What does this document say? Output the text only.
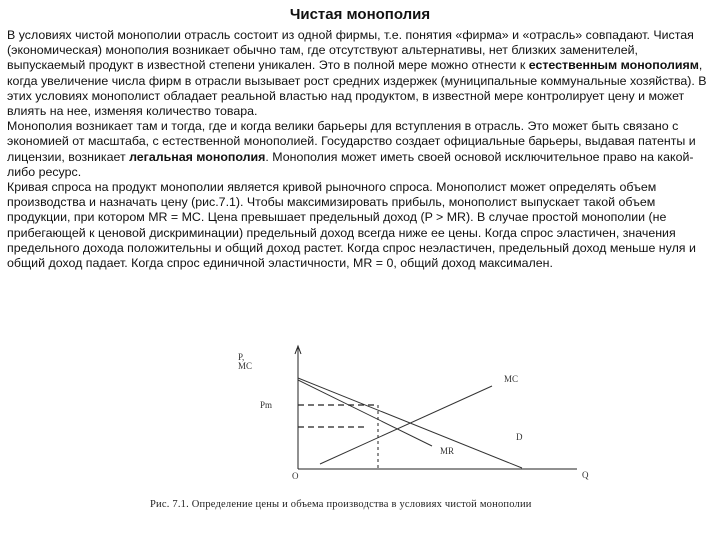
Чистая монополия

В условиях чистой монополии отрасль состоит из одной фирмы, т.е. понятия «фирма» и «отрасль» совпадают. Чистая (экономическая) монополия возникает обычно там, где отсутствуют альтернативы, нет близких заменителей, выпускаемый продукт в известной степени уникален. Это в полной мере можно отнести к естественным монополиям, когда увеличение числа фирм в отрасли вызывает рост средних издержек (муниципальные коммунальные хозяйства). В этих условиях монополист обладает реальной властью над продуктом, в известной мере контролирует цену и может влиять на нее, изменяя количество товара.

Монополия возникает там и тогда, где и когда велики барьеры для вступления в отрасль. Это может быть связано с экономией от масштаба, с естественной монополией. Государство создает официальные барьеры, выдавая патенты и лицензии, возникает легальная монополия. Монополия может иметь своей основой исключительное право на какой-либо ресурс.

Кривая спроса на продукт монополии является кривой рыночного спроса. Монополист может определять объем производства и назначать цену (рис.7.1). Чтобы максимизировать прибыль, монополист выпускает такой объем продукции, при котором MR = MC. Цена превышает предельный доход (P > MR). В случае простой монополии (не прибегающей к ценовой дискриминации) предельный доход всегда ниже ее цены. Когда спрос эластичен, значения предельного дохода положительны и общий доход растет. Когда спрос неэластичен, предельный доход меньше нуля и общий доход падает. Когда спрос единичной эластичности, MR = 0, общий доход максимален.

P,
MC
Pm
MC
D
MR
O	Q
Рис. 7.1. Определение цены и объема производства в условиях чистой монополии
